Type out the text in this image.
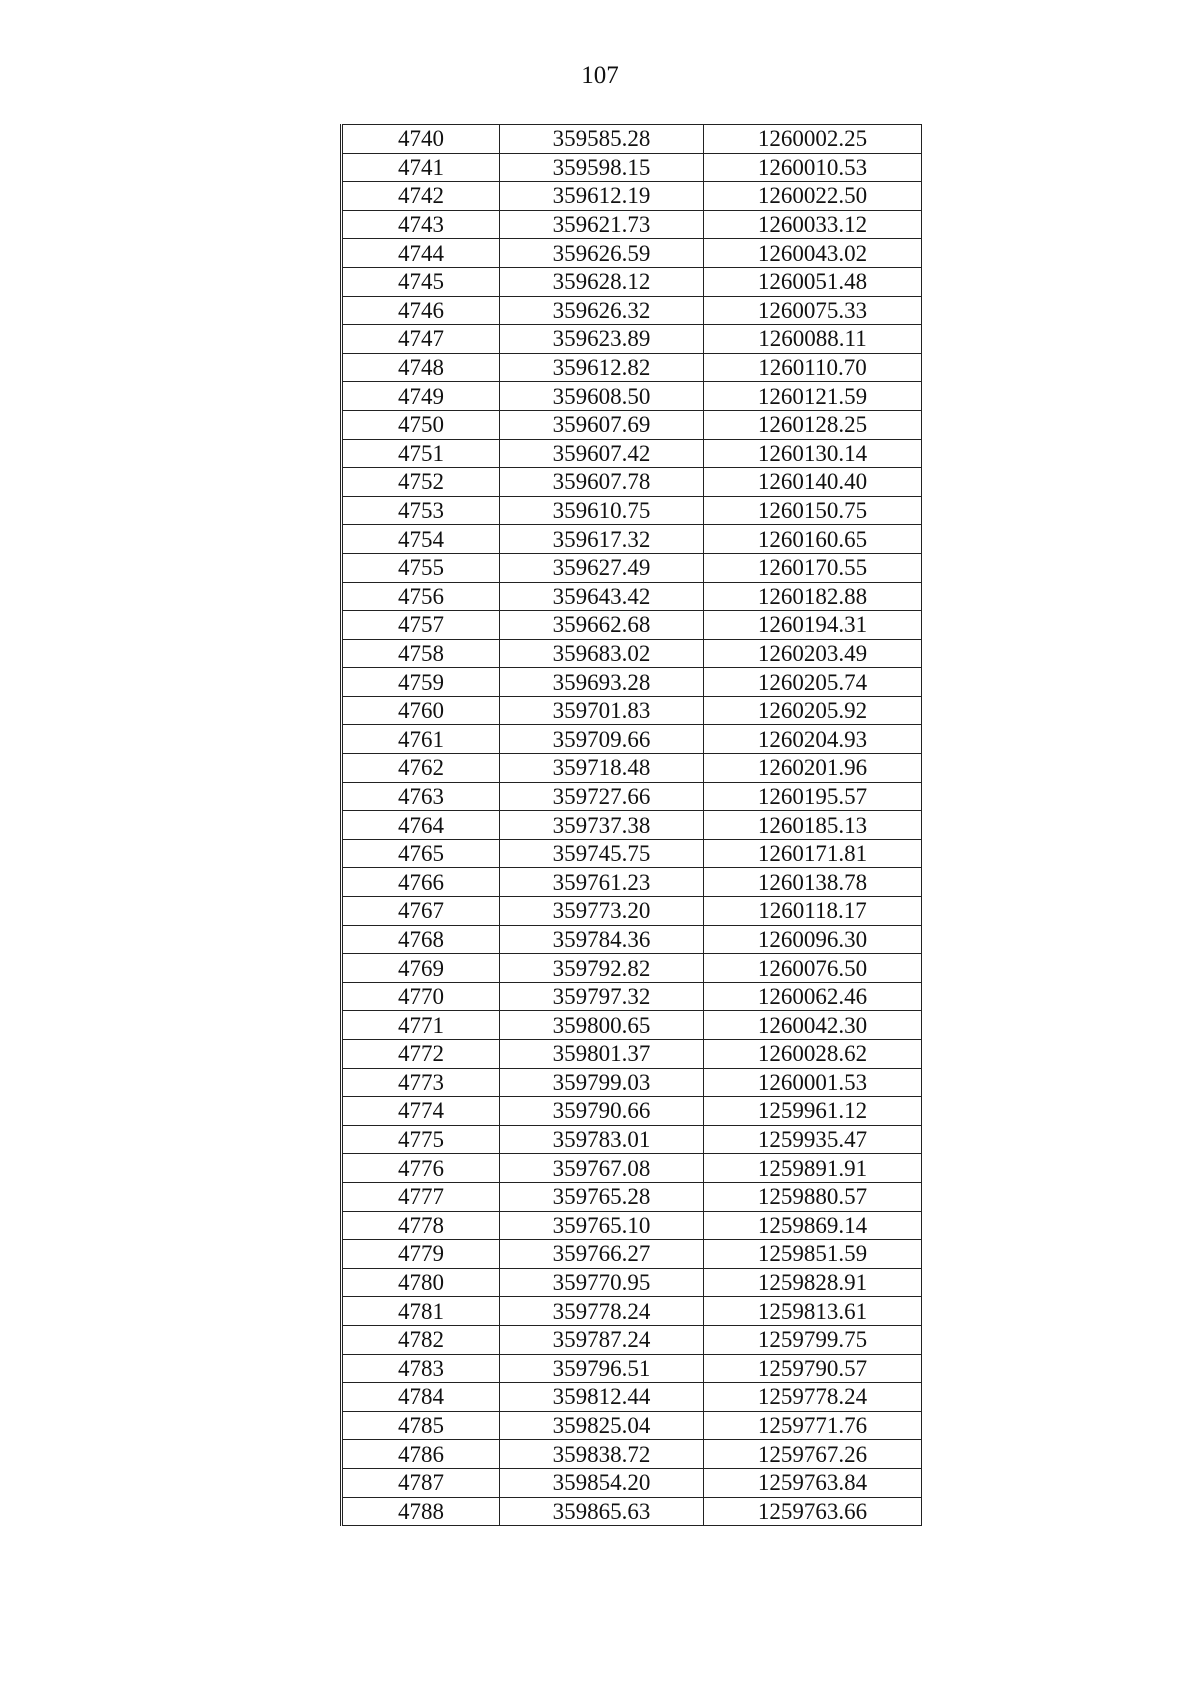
107
4740	359585.28	1260002.25
4741	359598.15	1260010.53
4742	359612.19	1260022.50
4743	359621.73	1260033.12
4744	359626.59	1260043.02
4745	359628.12	1260051.48
4746	359626.32	1260075.33
4747	359623.89	1260088.11
4748	359612.82	1260110.70
4749	359608.50	1260121.59
4750	359607.69	1260128.25
4751	359607.42	1260130.14
4752	359607.78	1260140.40
4753	359610.75	1260150.75
4754	359617.32	1260160.65
4755	359627.49	1260170.55
4756	359643.42	1260182.88
4757	359662.68	1260194.31
4758	359683.02	1260203.49
4759	359693.28	1260205.74
4760	359701.83	1260205.92
4761	359709.66	1260204.93
4762	359718.48	1260201.96
4763	359727.66	1260195.57
4764	359737.38	1260185.13
4765	359745.75	1260171.81
4766	359761.23	1260138.78
4767	359773.20	1260118.17
4768	359784.36	1260096.30
4769	359792.82	1260076.50
4770	359797.32	1260062.46
4771	359800.65	1260042.30
4772	359801.37	1260028.62
4773	359799.03	1260001.53
4774	359790.66	1259961.12
4775	359783.01	1259935.47
4776	359767.08	1259891.91
4777	359765.28	1259880.57
4778	359765.10	1259869.14
4779	359766.27	1259851.59
4780	359770.95	1259828.91
4781	359778.24	1259813.61
4782	359787.24	1259799.75
4783	359796.51	1259790.57
4784	359812.44	1259778.24
4785	359825.04	1259771.76
4786	359838.72	1259767.26
4787	359854.20	1259763.84
4788	359865.63	1259763.66
